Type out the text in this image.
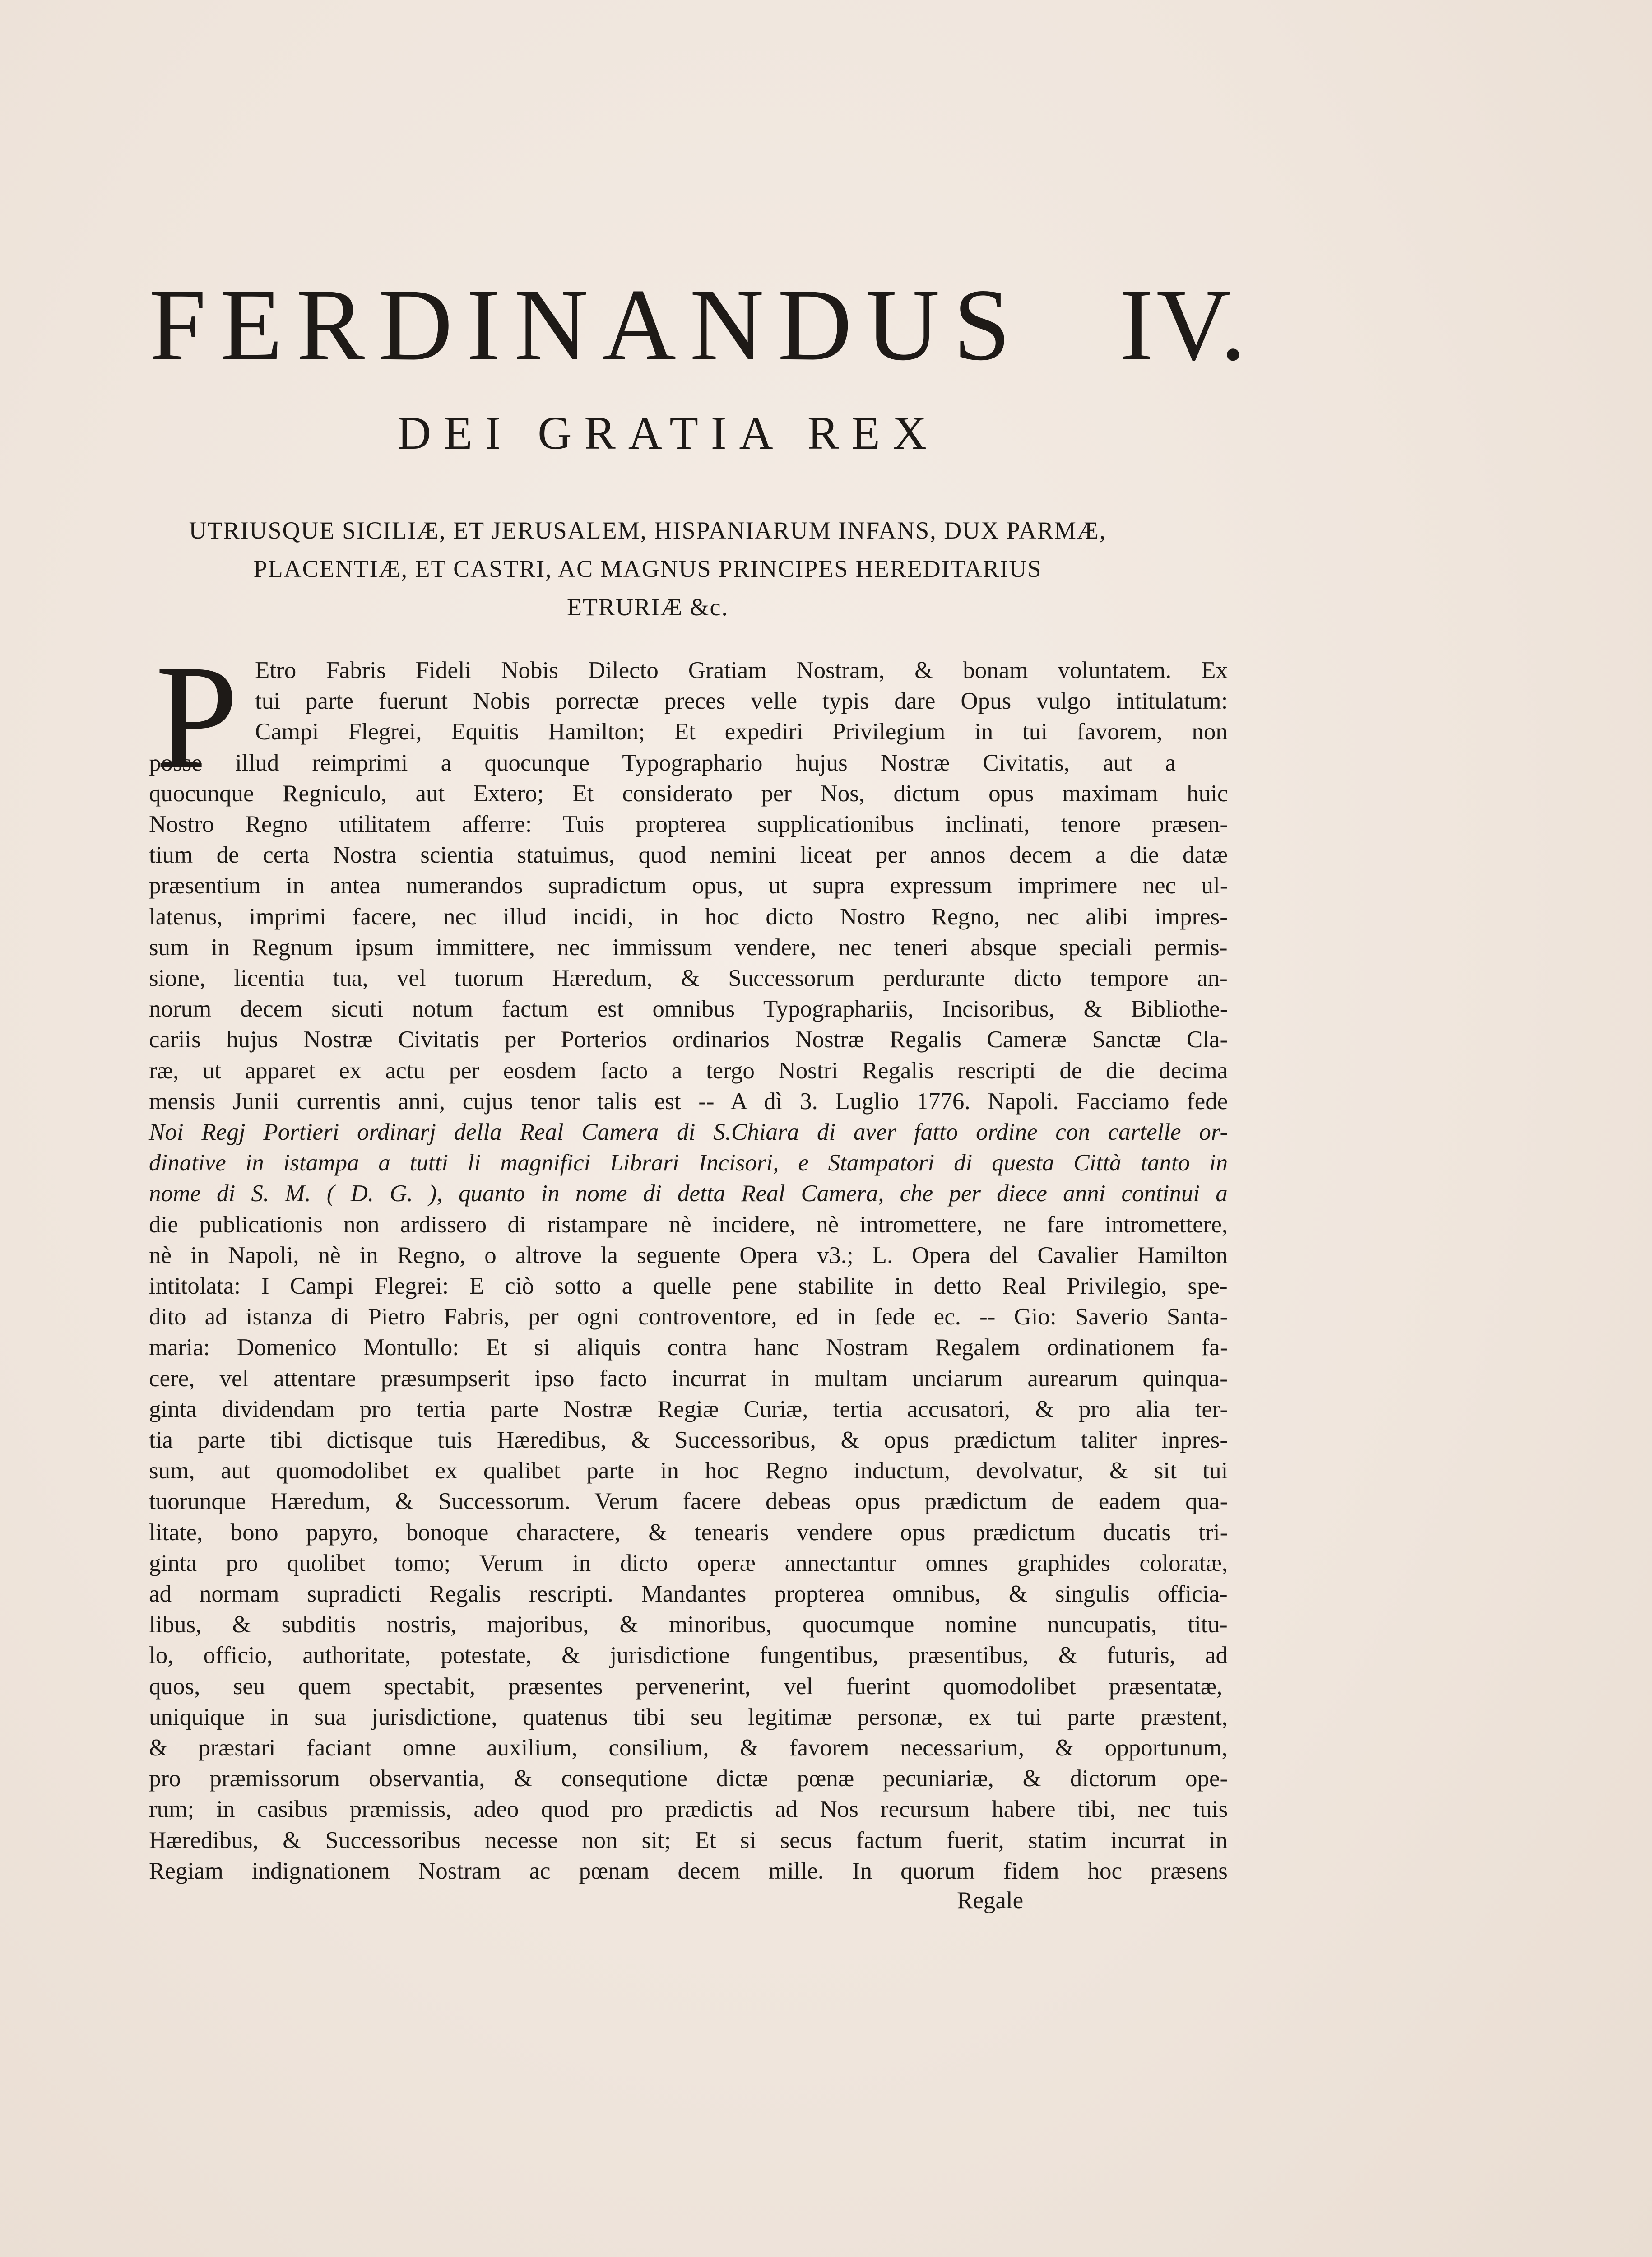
FERDINANDUS IV.
DEI GRATIA REX
UTRIUSQUE SICILIÆ, ET JERUSALEM, HISPANIARUM INFANS, DUX PARMÆ,
PLACENTIÆ, ET CASTRI, AC MAGNUS PRINCIPES HEREDITARIUS
ETRURIÆ &c.
P Etro Fabris Fideli Nobis Dilecto Gratiam Nostram, & bonam voluntatem. Ex
tui parte fuerunt Nobis porrectæ preces velle typis dare Opus vulgo intitulatum:
Campi Flegrei, Equitis Hamilton; Et expediri Privilegium in tui favorem, non
posse illud reimprimi a quocunque Typographario hujus Nostræ Civitatis, aut a
quocunque Regniculo, aut Extero; Et considerato per Nos, dictum opus maximam huic
Nostro Regno utilitatem afferre: Tuis propterea supplicationibus inclinati, tenore præsen-
tium de certa Nostra scientia statuimus, quod nemini liceat per annos decem a die datæ
præsentium in antea numerandos supradictum opus, ut supra expressum imprimere nec ul-
latenus, imprimi facere, nec illud incidi, in hoc dicto Nostro Regno, nec alibi impres-
sum in Regnum ipsum immittere, nec immissum vendere, nec teneri absque speciali permis-
sione, licentia tua, vel tuorum Hæredum, & Successorum perdurante dicto tempore an-
norum decem sicuti notum factum est omnibus Typographariis, Incisoribus, & Bibliothe-
cariis hujus Nostræ Civitatis per Porterios ordinarios Nostræ Regalis Cameræ Sanctæ Cla-
ræ, ut apparet ex actu per eosdem facto a tergo Nostri Regalis rescripti de die decima
mensis Junii currentis anni, cujus tenor talis est -- A dì 3. Luglio 1776. Napoli. Facciamo fede
Noi Regj Portieri ordinarj della Real Camera di S.Chiara di aver fatto ordine con cartelle or-
dinative in istampa a tutti li magnifici Librari Incisori, e Stampatori di questa Città tanto in
nome di S. M. ( D. G. ), quanto in nome di detta Real Camera, che per diece anni continui a
die publicationis non ardissero di ristampare nè incidere, nè intromettere, ne fare intromettere,
nè in Napoli, nè in Regno, o altrove la seguente Opera v3.; L. Opera del Cavalier Hamilton
intitolata: I Campi Flegrei: E ciò sotto a quelle pene stabilite in detto Real Privilegio, spe-
dito ad istanza di Pietro Fabris, per ogni controventore, ed in fede ec. -- Gio: Saverio Santa-
maria: Domenico Montullo: Et si aliquis contra hanc Nostram Regalem ordinationem fa-
cere, vel attentare præsumpserit ipso facto incurrat in multam unciarum aurearum quinqua-
ginta dividendam pro tertia parte Nostræ Regiæ Curiæ, tertia accusatori, & pro alia ter-
tia parte tibi dictisque tuis Hæredibus, & Successoribus, & opus prædictum taliter inpres-
sum, aut quomodolibet ex qualibet parte in hoc Regno inductum, devolvatur, & sit tui
tuorunque Hæredum, & Successorum. Verum facere debeas opus prædictum de eadem qua-
litate, bono papyro, bonoque charactere, & tenearis vendere opus prædictum ducatis tri-
ginta pro quolibet tomo; Verum in dicto operæ annectantur omnes graphides coloratæ,
ad normam supradicti Regalis rescripti. Mandantes propterea omnibus, & singulis officia-
libus, & subditis nostris, majoribus, & minoribus, quocumque nomine nuncupatis, titu-
lo, officio, authoritate, potestate, & jurisdictione fungentibus, præsentibus, & futuris, ad
quos, seu quem spectabit, præsentes pervenerint, vel fuerint quomodolibet præsentatæ,
uniquique in sua jurisdictione, quatenus tibi seu legitimæ personæ, ex tui parte præstent,
& præstari faciant omne auxilium, consilium, & favorem necessarium, & opportunum,
pro præmissorum observantia, & consequtione dictæ pœnæ pecuniariæ, & dictorum ope-
rum; in casibus præmissis, adeo quod pro prædictis ad Nos recursum habere tibi, nec tuis
Hæredibus, & Successoribus necesse non sit; Et si secus factum fuerit, statim incurrat in
Regiam indignationem Nostram ac pœnam decem mille. In quorum fidem hoc præsens
Regale
